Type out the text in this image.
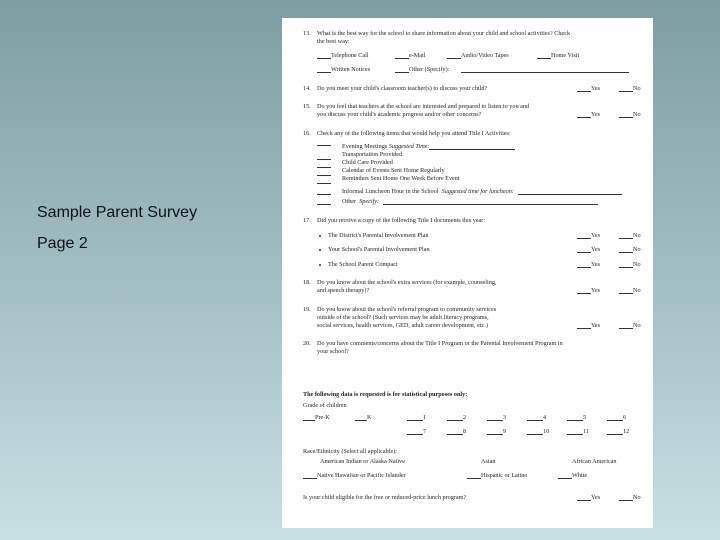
Sample Parent Survey
Page 2
13. What is the best way for the school to share information about your child and school activities? Check
the best way:
Telephone Call	e-Mail	Audio/Video Tapes	Home Visit
Written Notices	Other (Specify):
14. Do you meet your child's classroom teacher(s) to discuss your child?	Yes	No
15. Do you feel that teachers at the school are interested and prepared to listen to you and
you discuss your child's academic progress and/or other concerns?	Yes	No
16. Check any of the following items that would help you attend Title I Activities:
Evening Meetings Suggested Time:
Transportation Provided
Child Care Provided
Calendar of Events Sent Home Regularly
Reminders Sent Home One Week Before Event
Informal Luncheon Hour in the School Suggested time for luncheon:
Other Specify:
17. Did you receive a copy of the following Title I documents this year:
The District's Parental Involvement Plan	Yes	No
Your School's Parental Involvement Plan	Yes	No
The School Parent Compact	Yes	No
18. Do you know about the school's extra services (for example, counseling,
and speech therapy)?	Yes	No
19. Do you know about the school's referral program to community services
outside of the school? (Such services may be adult literacy programs,
social services, health services, GED, adult career development, etc.)	Yes	No
20. Do you have comments/concerns about the Title I Program or the Parental Involvement Program in
your school?
The following data is requested is for statistical purposes only:
Grade of children
Pre-K	K	1	2	3	4	5	6
7	8	9	10	11	12
Race/Ethnicity (Select all applicable):
American Indian or Alaska Native	Asian	African American
Native Hawaiian or Pacific Islander	Hispanic or Latino	White
Is your child eligible for the free or reduced-price lunch program?	Yes	No
